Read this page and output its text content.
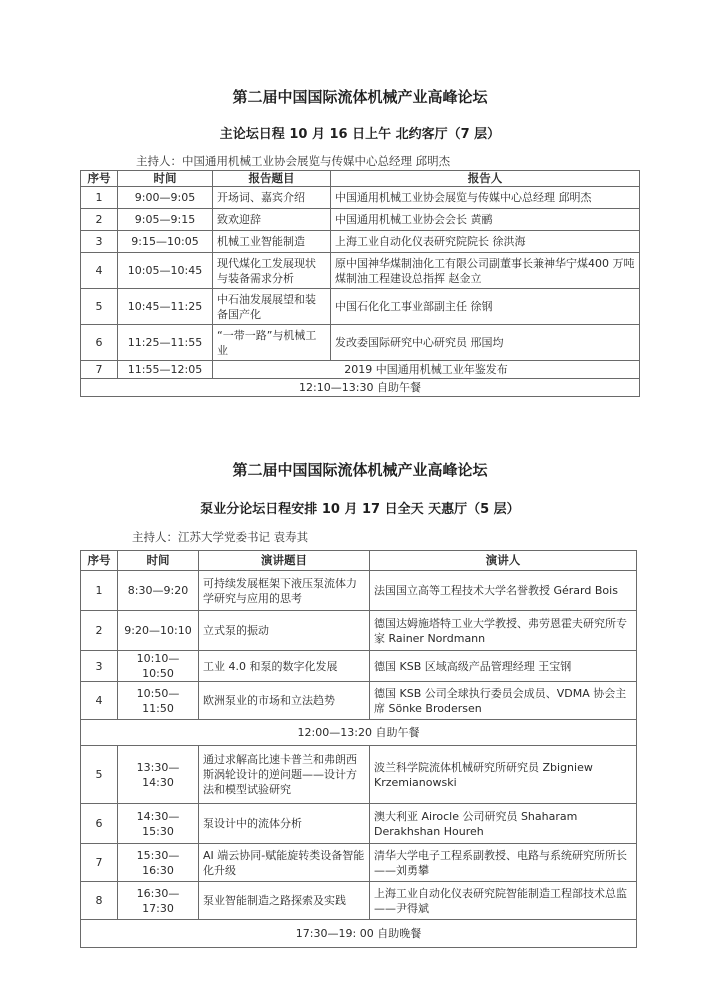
第二届中国国际流体机械产业高峰论坛
主论坛日程 10 月 16 日上午 北约客厅（7 层）
主持人：中国通用机械工业协会展览与传媒中心总经理 邱明杰
序号	时间	报告题目	报告人
1	9:00—9:05	开场词、嘉宾介绍	中国通用机械工业协会展览与传媒中心总经理 邱明杰
2	9:05—9:15	致欢迎辞	中国通用机械工业协会会长 黄鹂
3	9:15—10:05	机械工业智能制造	上海工业自动化仪表研究院院长 徐洪海
4	10:05—10:45	现代煤化工发展现状与装备需求分析	原中国神华煤制油化工有限公司副董事长兼神华宁煤400 万吨煤制油工程建设总指挥 赵金立
5	10:45—11:25	中石油发展展望和装备国产化	中国石化化工事业部副主任 徐钢
6	11:25—11:55	“一带一路”与机械工业	发改委国际研究中心研究员 邢国均
7	11:55—12:05	2019 中国通用机械工业年鉴发布	
12:10—13:30 自助午餐			
第二届中国国际流体机械产业高峰论坛
泵业分论坛日程安排 10 月 17 日全天 天惠厅（5 层）
主持人：江苏大学党委书记 袁寿其
序号	时间	演讲题目	演讲人
1	8:30—9:20	可持续发展框架下液压泵流体力学研究与应用的思考	法国国立高等工程技术大学名誉教授 Gérard Bois
2	9:20—10:10	立式泵的振动	德国达姆施塔特工业大学教授、弗劳恩霍夫研究所专家 Rainer Nordmann
3	10:10—10:50	工业 4.0 和泵的数字化发展	德国 KSB 区域高级产品管理经理 王宝钢
4	10:50—11:50	欧洲泵业的市场和立法趋势	德国 KSB 公司全球执行委员会成员、VDMA 协会主席 Sönke Brodersen
12:00—13:20 自助午餐			
5	13:30—14:30	通过求解高比速卡普兰和弗朗西斯涡轮设计的逆问题——设计方法和模型试验研究	波兰科学院流体机械研究所研究员 Zbigniew Krzemianowski
6	14:30—15:30	泵设计中的流体分析	澳大利亚 Airocle 公司研究员 Shaharam Derakhshan Houreh
7	15:30—16:30	AI 端云协同-赋能旋转类设备智能化升级	清华大学电子工程系副教授、电路与系统研究所所长——刘勇攀
8	16:30—17:30	泵业智能制造之路探索及实践	上海工业自动化仪表研究院智能制造工程部技术总监——尹得斌
17:30—19: 00 自助晚餐			
